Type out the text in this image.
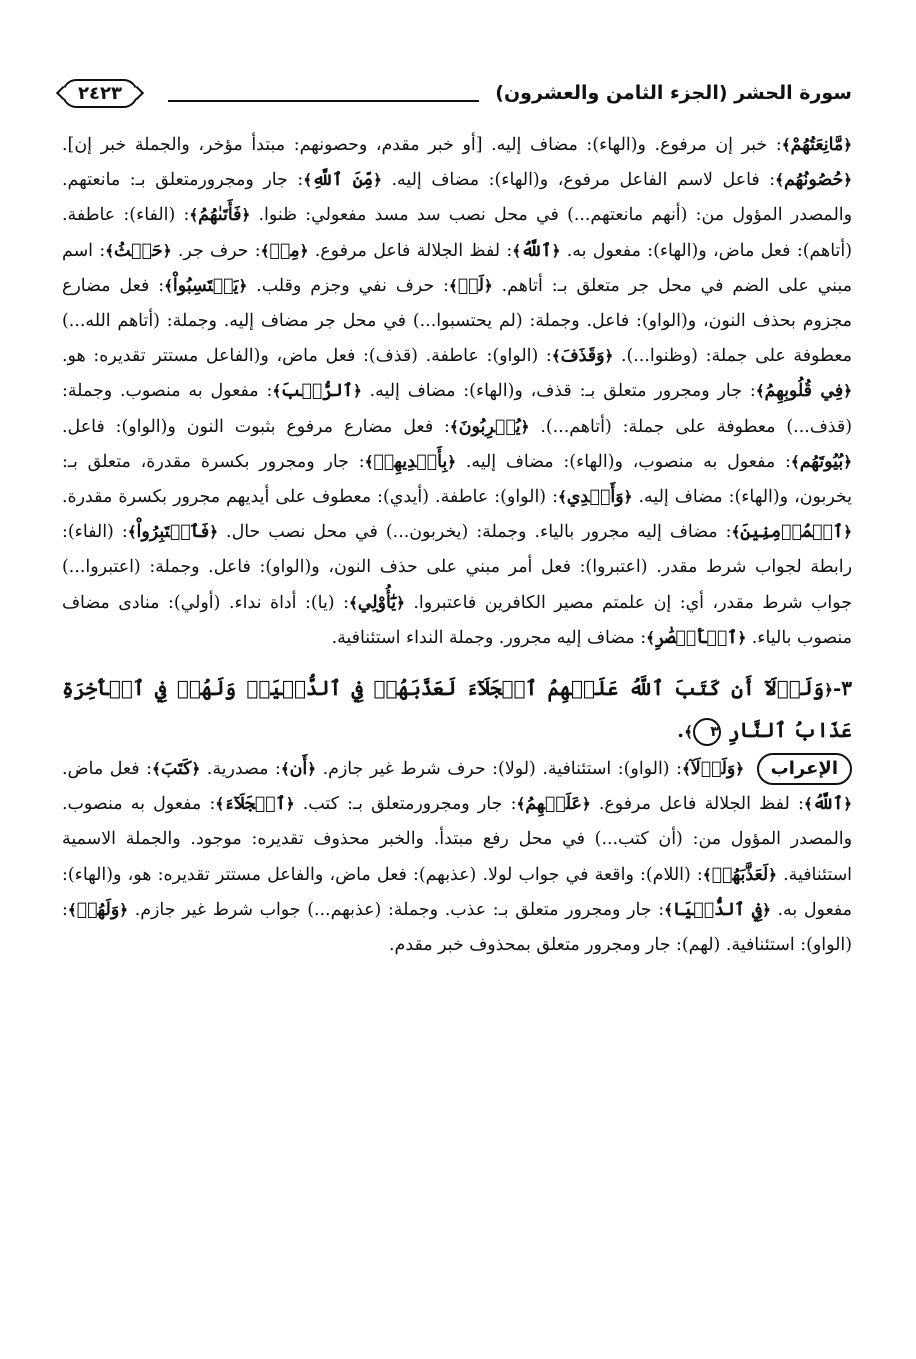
سورة الحشر (الجزء الثامن والعشرون)
٢٤٢٣

﴿مَّانِعَتُهُمْ﴾: خبر إن مرفوع. و(الهاء): مضاف إليه. [أو خبر مقدم، وحصونهم: مبتدأ مؤخر، والجملة خبر إن]. ﴿حُصُونُهُم﴾: فاعل لاسم الفاعل مرفوع، و(الهاء): مضاف إليه. ﴿مِّنَ ٱللَّهِ﴾: جار ومجرورمتعلق بـ: مانعتهم. والمصدر المؤول من: (أنهم مانعتهم...) في محل نصب سد مسد مفعولي: ظنوا. ﴿فَأَتَىٰهُمُ﴾: (الفاء): عاطفة. (أتاهم): فعل ماض، و(الهاء): مفعول به. ﴿ٱللَّهُ﴾: لفظ الجلالة فاعل مرفوع. ﴿مِنۡ﴾: حرف جر. ﴿حَيۡثُ﴾: اسم مبني على الضم في محل جر متعلق بـ: أتاهم. ﴿لَمۡ﴾: حرف نفي وجزم وقلب. ﴿يَحۡتَسِبُواْ﴾: فعل مضارع مجزوم بحذف النون، و(الواو): فاعل. وجملة: (لم يحتسبوا...) في محل جر مضاف إليه. وجملة: (أتاهم الله...) معطوفة على جملة: (وظنوا...). ﴿وَقَذَفَ﴾: (الواو): عاطفة. (قذف): فعل ماض، و(الفاعل مستتر تقديره: هو. ﴿فِي قُلُوبِهِمُ﴾: جار ومجرور متعلق بـ: قذف، و(الهاء): مضاف إليه. ﴿ٱلرُّعۡبَ﴾: مفعول به منصوب. وجملة: (قذف...) معطوفة على جملة: (أتاهم...). ﴿يُخۡرِبُونَ﴾: فعل مضارع مرفوع بثبوت النون و(الواو): فاعل. ﴿بُيُوتَهُم﴾: مفعول به منصوب، و(الهاء): مضاف إليه. ﴿بِأَيۡدِيهِمۡ﴾: جار ومجرور بكسرة مقدرة، متعلق بـ: يخربون، و(الهاء): مضاف إليه. ﴿وَأَيۡدِي﴾: (الواو): عاطفة. (أيدي): معطوف على أيديهم مجرور بكسرة مقدرة. ﴿ٱلۡمُؤۡمِنِينَ﴾: مضاف إليه مجرور بالياء. وجملة: (يخربون...) في محل نصب حال. ﴿فَٱعۡتَبِرُواْ﴾: (الفاء): رابطة لجواب شرط مقدر. (اعتبروا): فعل أمر مبني على حذف النون، و(الواو): فاعل. وجملة: (اعتبروا...) جواب شرط مقدر، أي: إن علمتم مصير الكافرين فاعتبروا. ﴿يَٰٓأُوْلِي﴾: (يا): أداة نداء. (أولي): منادى مضاف منصوب بالياء. ﴿ٱلۡأَبۡصَٰرِ﴾: مضاف إليه مجرور. وجملة النداء استئنافية.

٣-﴿وَلَوۡلَآ أَن كَتَبَ ٱللَّهُ عَلَيۡهِمُ ٱلۡجَلَآءَ لَعَذَّبَهُمۡ فِي ٱلدُّنۡيَاۖ وَلَهُمۡ فِي ٱلۡأٓخِرَةِ عَذَابُ ٱلنَّارِ ٣﴾.

الإعراب ﴿وَلَوۡلَآ﴾: (الواو): استئنافية. (لولا): حرف شرط غير جازم. ﴿أَن﴾: مصدرية. ﴿كَتَبَ﴾: فعل ماض. ﴿ٱللَّهُ﴾: لفظ الجلالة فاعل مرفوع. ﴿عَلَيۡهِمُ﴾: جار ومجرورمتعلق بـ: كتب. ﴿ٱلۡجَلَآءَ﴾: مفعول به منصوب. والمصدر المؤول من: (أن كتب...) في محل رفع مبتدأ. والخبر محذوف تقديره: موجود. والجملة الاسمية استئنافية. ﴿لَعَذَّبَهُمۡ﴾: (اللام): واقعة في جواب لولا. (عذبهم): فعل ماض، والفاعل مستتر تقديره: هو، و(الهاء): مفعول به. ﴿فِي ٱلدُّنۡيَا﴾: جار ومجرور متعلق بـ: عذب. وجملة: (عذبهم...) جواب شرط غير جازم. ﴿وَلَهُمۡ﴾: (الواو): استئنافية. (لهم): جار ومجرور متعلق بمحذوف خبر مقدم.
